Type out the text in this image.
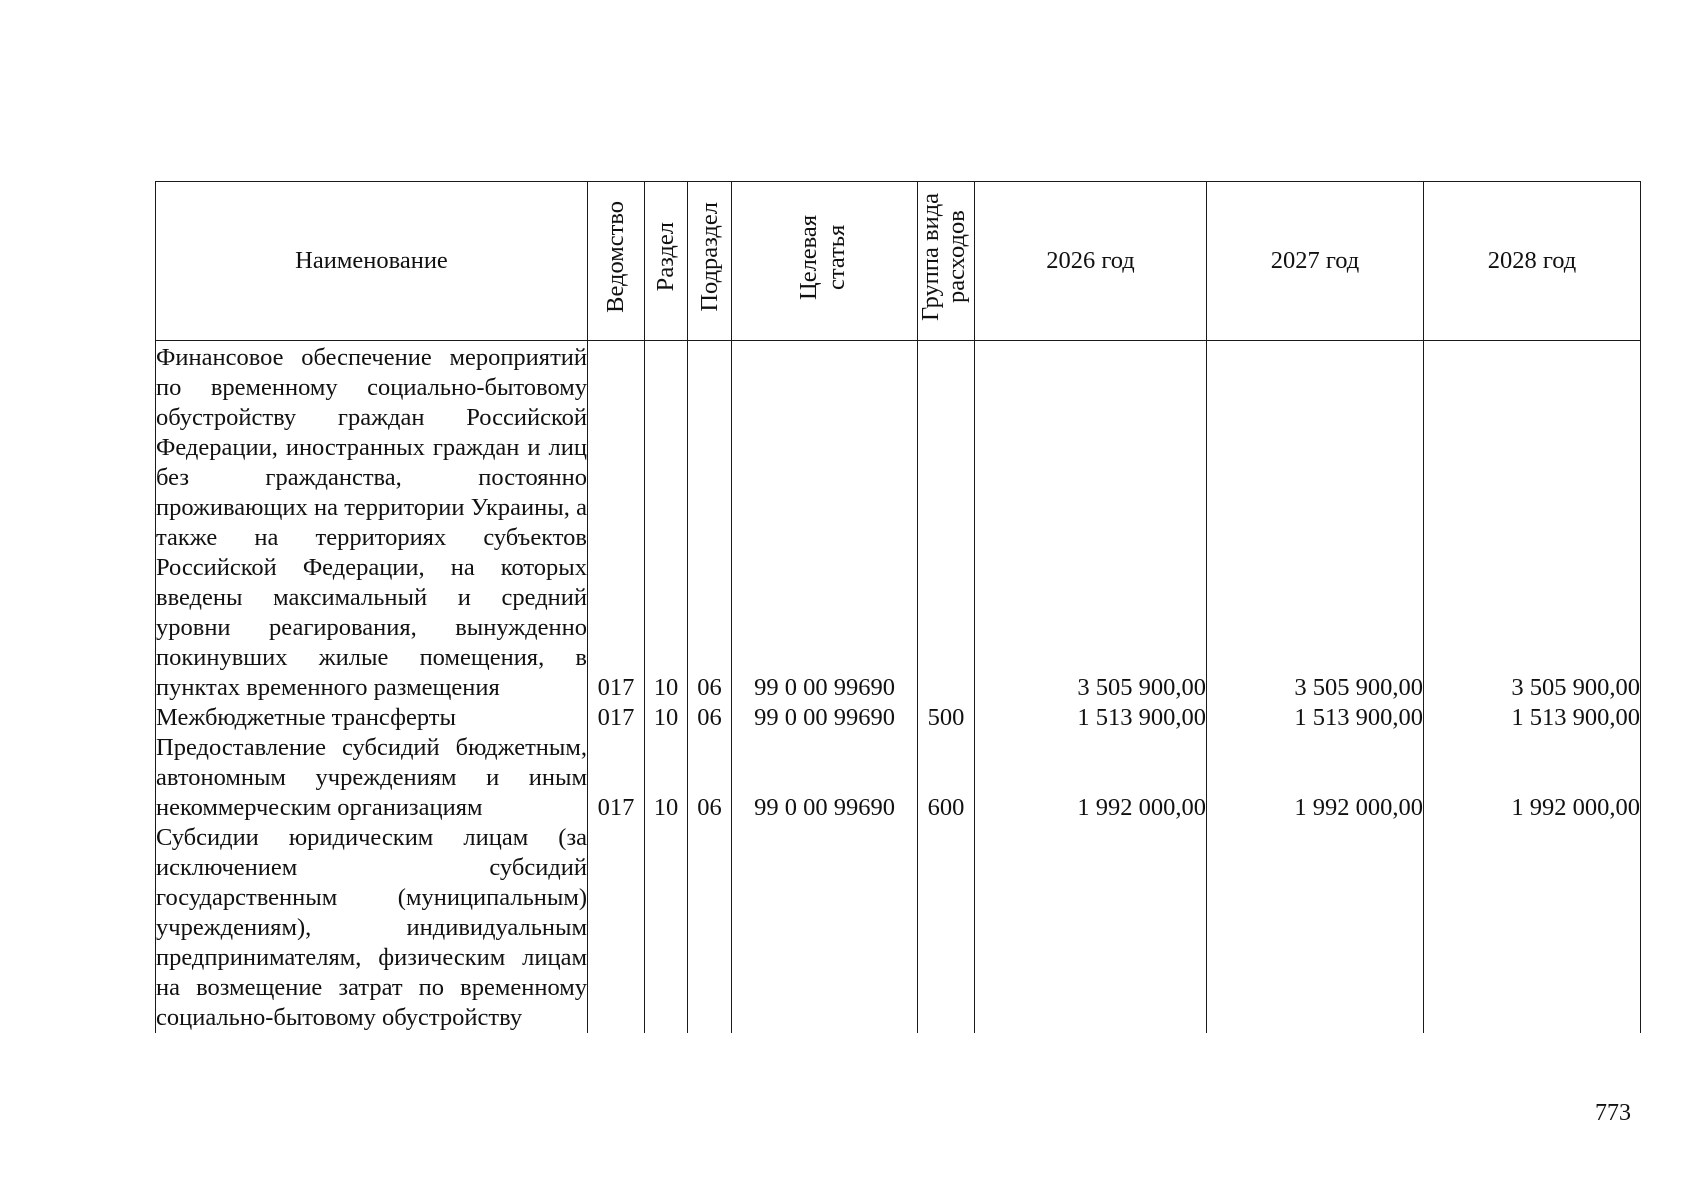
Наименование	Ведомство	Раздел	Подраздел	Целевая статья	Группа вида расходов	2026 год	2027 год	2028 год
Финансовое обеспечение мероприятий по временному социально-бытовому обустройству граждан Российской Федерации, иностранных граждан и лиц без гражданства, постоянно проживающих на территории Украины, а также на территориях субъектов Российской Федерации, на которых введены максимальный и средний уровни реагирования, вынужденно покинувших жилые помещения, в пунктах временного размещения	017	10	06	99 0 00 99690		3 505 900,00	3 505 900,00	3 505 900,00
Межбюджетные трансферты	017	10	06	99 0 00 99690	500	1 513 900,00	1 513 900,00	1 513 900,00
Предоставление субсидий бюджетным, автономным учреждениям и иным некоммерческим организациям	017	10	06	99 0 00 99690	600	1 992 000,00	1 992 000,00	1 992 000,00
Субсидии юридическим лицам (за исключением субсидий государственным (муниципальным) учреждениям), индивидуальным предпринимателям, физическим лицам на возмещение затрат по временному социально-бытовому обустройству								
773
